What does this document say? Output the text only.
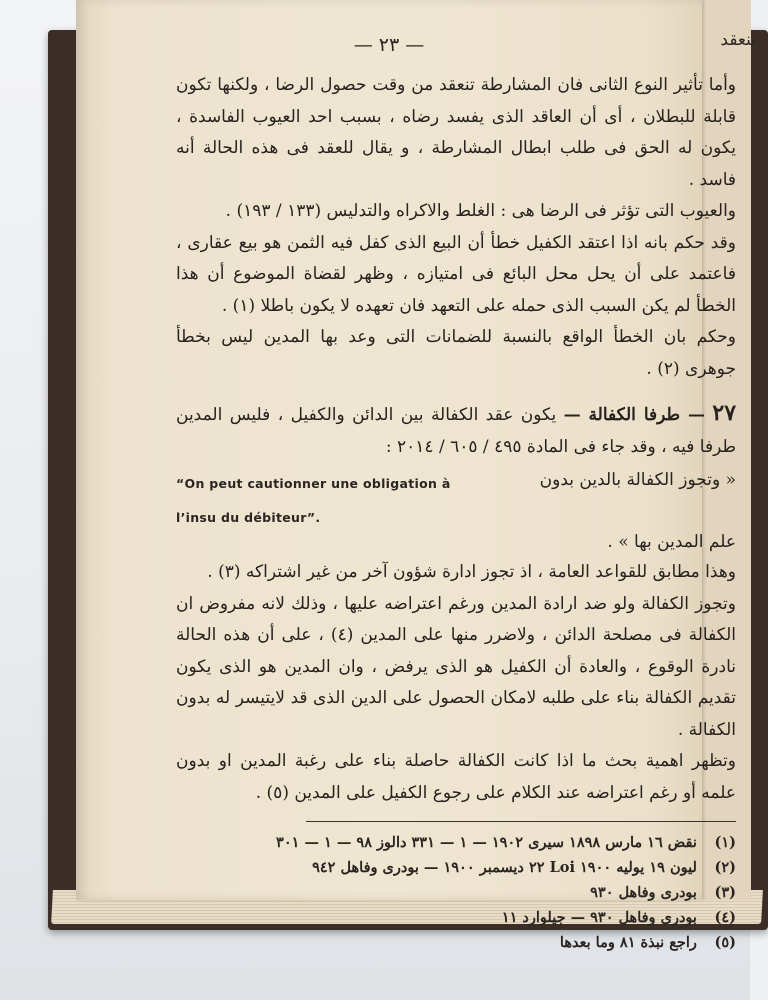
تنعقد
— ٢٣ —

وأما تأثير النوع الثانى فان المشارطة تنعقد من وقت حصول الرضا ، ولكنها تكون قابلة للبطلان ، أى أن العاقد الذى يفسد رضاه ، بسبب احد العيوب الفاسدة ، يكون له الحق فى طلب ابطال المشارطة ، و يقال للعقد فى هذه الحالة أنه فاسد .

والعيوب التى تؤثر فى الرضا هى : الغلط والاكراه والتدليس (١٣٣ / ١٩٣) .

وقد حكم بانه اذا اعتقد الكفيل خطأ أن البيع الذى كفل فيه الثمن هو بيع عقارى ، فاعتمد على أن يحل محل البائع فى امتيازه ، وظهر لقضاة الموضوع أن هذا الخطأ لم يكن السبب الذى حمله على التعهد فان تعهده لا يكون باطلا (١) .

وحكم بان الخطأ الواقع بالنسبة للضمانات التى وعد بها المدين ليس بخطأ جوهرى (٢) .

٢٧ — طرفا الكفالة — يكون عقد الكفالة بين الدائن والكفيل ، فليس المدين طرفا فيه ، وقد جاء فى المادة ٤٩٥ / ٦٠٥ / ٢٠١٤ :

« وتجوز الكفالة بالدين بدون
“On peut cautionner une obligation à
l’insu du débiteur”.
علم المدين بها » .

وهذا مطابق للقواعد العامة ، اذ تجوز ادارة شؤون آخر من غير اشتراكه (٣) .

وتجوز الكفالة ولو ضد ارادة المدين ورغم اعتراضه عليها ، وذلك لانه مفروض ان الكفالة فى مصلحة الدائن ، ولاضرر منها على المدين (٤) ، على أن هذه الحالة نادرة الوقوع ، والعادة أن الكفيل هو الذى يرفض ، وان المدين هو الذى يكون تقديم الكفالة بناء على طلبه لامكان الحصول على الدين الذى قد لايتيسر له بدون الكفالة .

وتظهر اهمية بحث ما اذا كانت الكفالة حاصلة بناء على رغبة المدين او بدون علمه أو رغم اعتراضه عند الكلام على رجوع الكفيل على المدين (٥) .

(١) نقض ١٦ مارس ١٨٩٨ سيرى ١٩٠٢ — ١ — ٣٣١ دالوز ٩٨ — ١ — ٣٠١
(٢) ليون ١٩ يوليه ١٩٠٠ Loi ٢٢ ديسمبر ١٩٠٠ — بودرى وفاهل ٩٤٢
(٣) بودرى وفاهل ٩٣٠
(٤) بودرى وفاهل ٩٣٠ — جيلوارد ١١
(٥) راجع نبذة ٨١ وما بعدها
